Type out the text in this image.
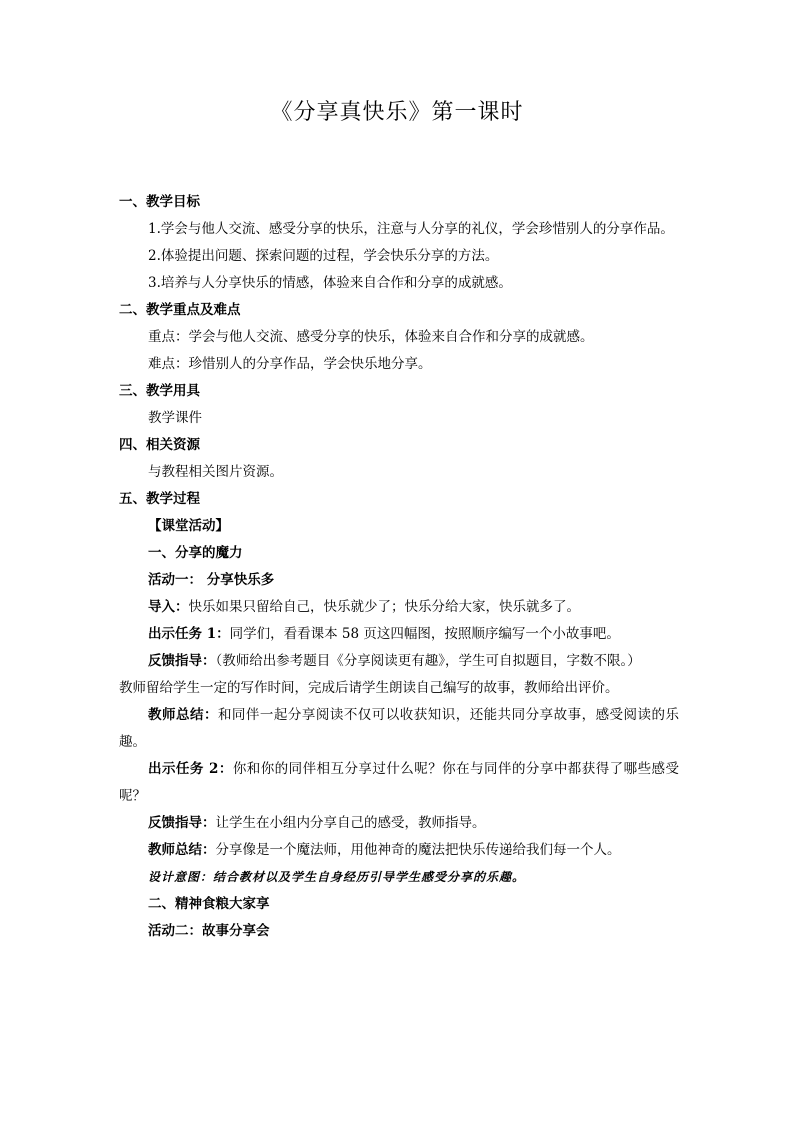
《分享真快乐》第一课时
一、教学目标
1.学会与他人交流、感受分享的快乐，注意与人分享的礼仪，学会珍惜别人的分享作品。
2.体验提出问题、探索问题的过程，学会快乐分享的方法。
3.培养与人分享快乐的情感，体验来自合作和分享的成就感。
二、教学重点及难点
重点：学会与他人交流、感受分享的快乐，体验来自合作和分享的成就感。
难点：珍惜别人的分享作品，学会快乐地分享。
三、教学用具
教学课件
四、相关资源
与教程相关图片资源。
五、教学过程
【课堂活动】
一、分享的魔力
活动一： 分享快乐多
导入：快乐如果只留给自己，快乐就少了；快乐分给大家，快乐就多了。
出示任务 1：同学们，看看课本 58 页这四幅图，按照顺序编写一个小故事吧。
反馈指导：（教师给出参考题目《分享阅读更有趣》，学生可自拟题目，字数不限。）
教师留给学生一定的写作时间，完成后请学生朗读自己编写的故事，教师给出评价。
教师总结：和同伴一起分享阅读不仅可以收获知识，还能共同分享故事，感受阅读的乐趣。
出示任务 2：你和你的同伴相互分享过什么呢？你在与同伴的分享中都获得了哪些感受呢？
反馈指导：让学生在小组内分享自己的感受，教师指导。
教师总结：分享像是一个魔法师，用他神奇的魔法把快乐传递给我们每一个人。
设计意图：结合教材以及学生自身经历引导学生感受分享的乐趣。
二、精神食粮大家享
活动二：故事分享会
